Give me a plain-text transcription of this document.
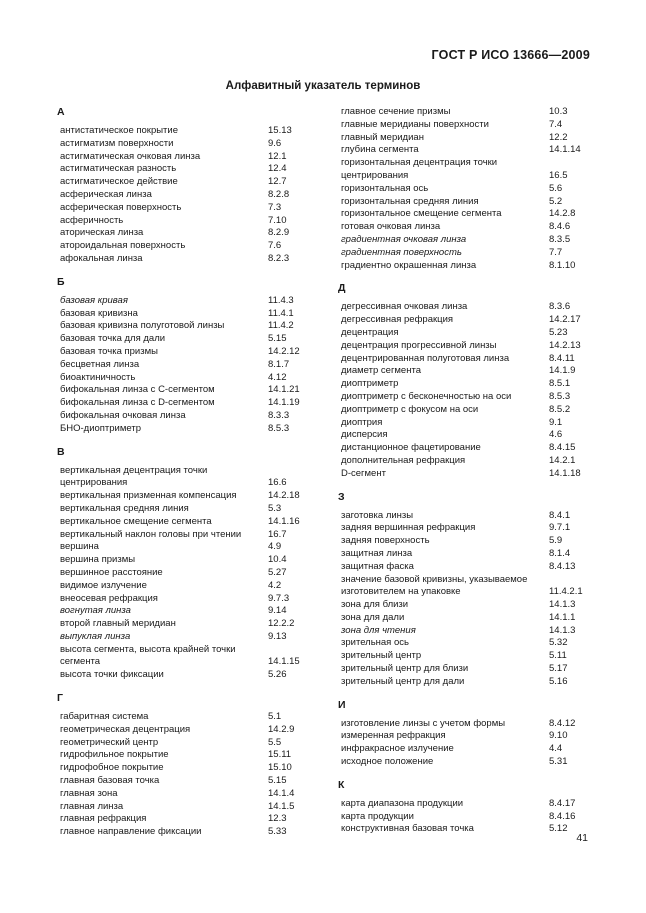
ГОСТ Р ИСО 13666—2009
Алфавитный указатель терминов
А
антистатическое покрытие	15.13
астигматизм поверхности	9.6
астигматическая очковая линза	12.1
астигматическая разность	12.4
астигматическое действие	12.7
асферическая линза	8.2.8
асферическая поверхность	7.3
асферичность	7.10
аторическая линза	8.2.9
атороидальная поверхность	7.6
афокальная линза	8.2.3
Б
базовая кривая	11.4.3
базовая кривизна	11.4.1
базовая кривизна полуготовой линзы	11.4.2
базовая точка для дали	5.15
базовая точка призмы	14.2.12
бесцветная линза	8.1.7
биоактиничность	4.12
бифокальная линза с С-сегментом	14.1.21
бифокальная линза с D-сегментом	14.1.19
бифокальная очковая линза	8.3.3
БНО-диоптриметр	8.5.3
В
вертикальная децентрация точки
центрирования	16.6
вертикальная призменная компенсация	14.2.18
вертикальная средняя линия	5.3
вертикальное смещение сегмента	14.1.16
вертикальный наклон головы при чтении	16.7
вершина	4.9
вершина призмы	10.4
вершинное расстояние	5.27
видимое излучение	4.2
внеосевая рефракция	9.7.3
вогнутая линза	9.14
второй главный меридиан	12.2.2
выпуклая линза	9.13
высота сегмента, высота крайней точки
сегмента	14.1.15
высота точки фиксации	5.26
Г
габаритная система	5.1
геометрическая децентрация	14.2.9
геометрический центр	5.5
гидрофильное покрытие	15.11
гидрофобное покрытие	15.10
главная базовая точка	5.15
главная зона	14.1.4
главная линза	14.1.5
главная рефракция	12.3
главное направление фиксации	5.33
главное сечение призмы	10.3
главные меридианы поверхности	7.4
главный меридиан	12.2
глубина сегмента	14.1.14
горизонтальная децентрация точки
центрирования	16.5
горизонтальная ось	5.6
горизонтальная средняя линия	5.2
горизонтальное смещение сегмента	14.2.8
готовая очковая линза	8.4.6
градиентная очковая линза	8.3.5
градиентная поверхность	7.7
градиентно окрашенная линза	8.1.10
Д
дегрессивная очковая линза	8.3.6
дегрессивная рефракция	14.2.17
децентрация	5.23
децентрация прогрессивной линзы	14.2.13
децентрированная полуготовая линза	8.4.11
диаметр сегмента	14.1.9
диоптриметр	8.5.1
диоптриметр с бесконечностью на оси	8.5.3
диоптриметр с фокусом на оси	8.5.2
диоптрия	9.1
дисперсия	4.6
дистанционное фацетирование	8.4.15
дополнительная рефракция	14.2.1
D-сегмент	14.1.18
З
заготовка линзы	8.4.1
задняя вершинная рефракция	9.7.1
задняя поверхность	5.9
защитная линза	8.1.4
защитная фаска	8.4.13
значение базовой кривизны, указываемое
изготовителем на упаковке	11.4.2.1
зона для близи	14.1.3
зона для дали	14.1.1
зона для чтения	14.1.3
зрительная ось	5.32
зрительный центр	5.11
зрительный центр для близи	5.17
зрительный центр для дали	5.16
И
изготовление линзы с учетом формы	8.4.12
измеренная рефракция	9.10
инфракрасное излучение	4.4
исходное положение	5.31
К
карта диапазона продукции	8.4.17
карта продукции	8.4.16
конструктивная базовая точка	5.12
41
